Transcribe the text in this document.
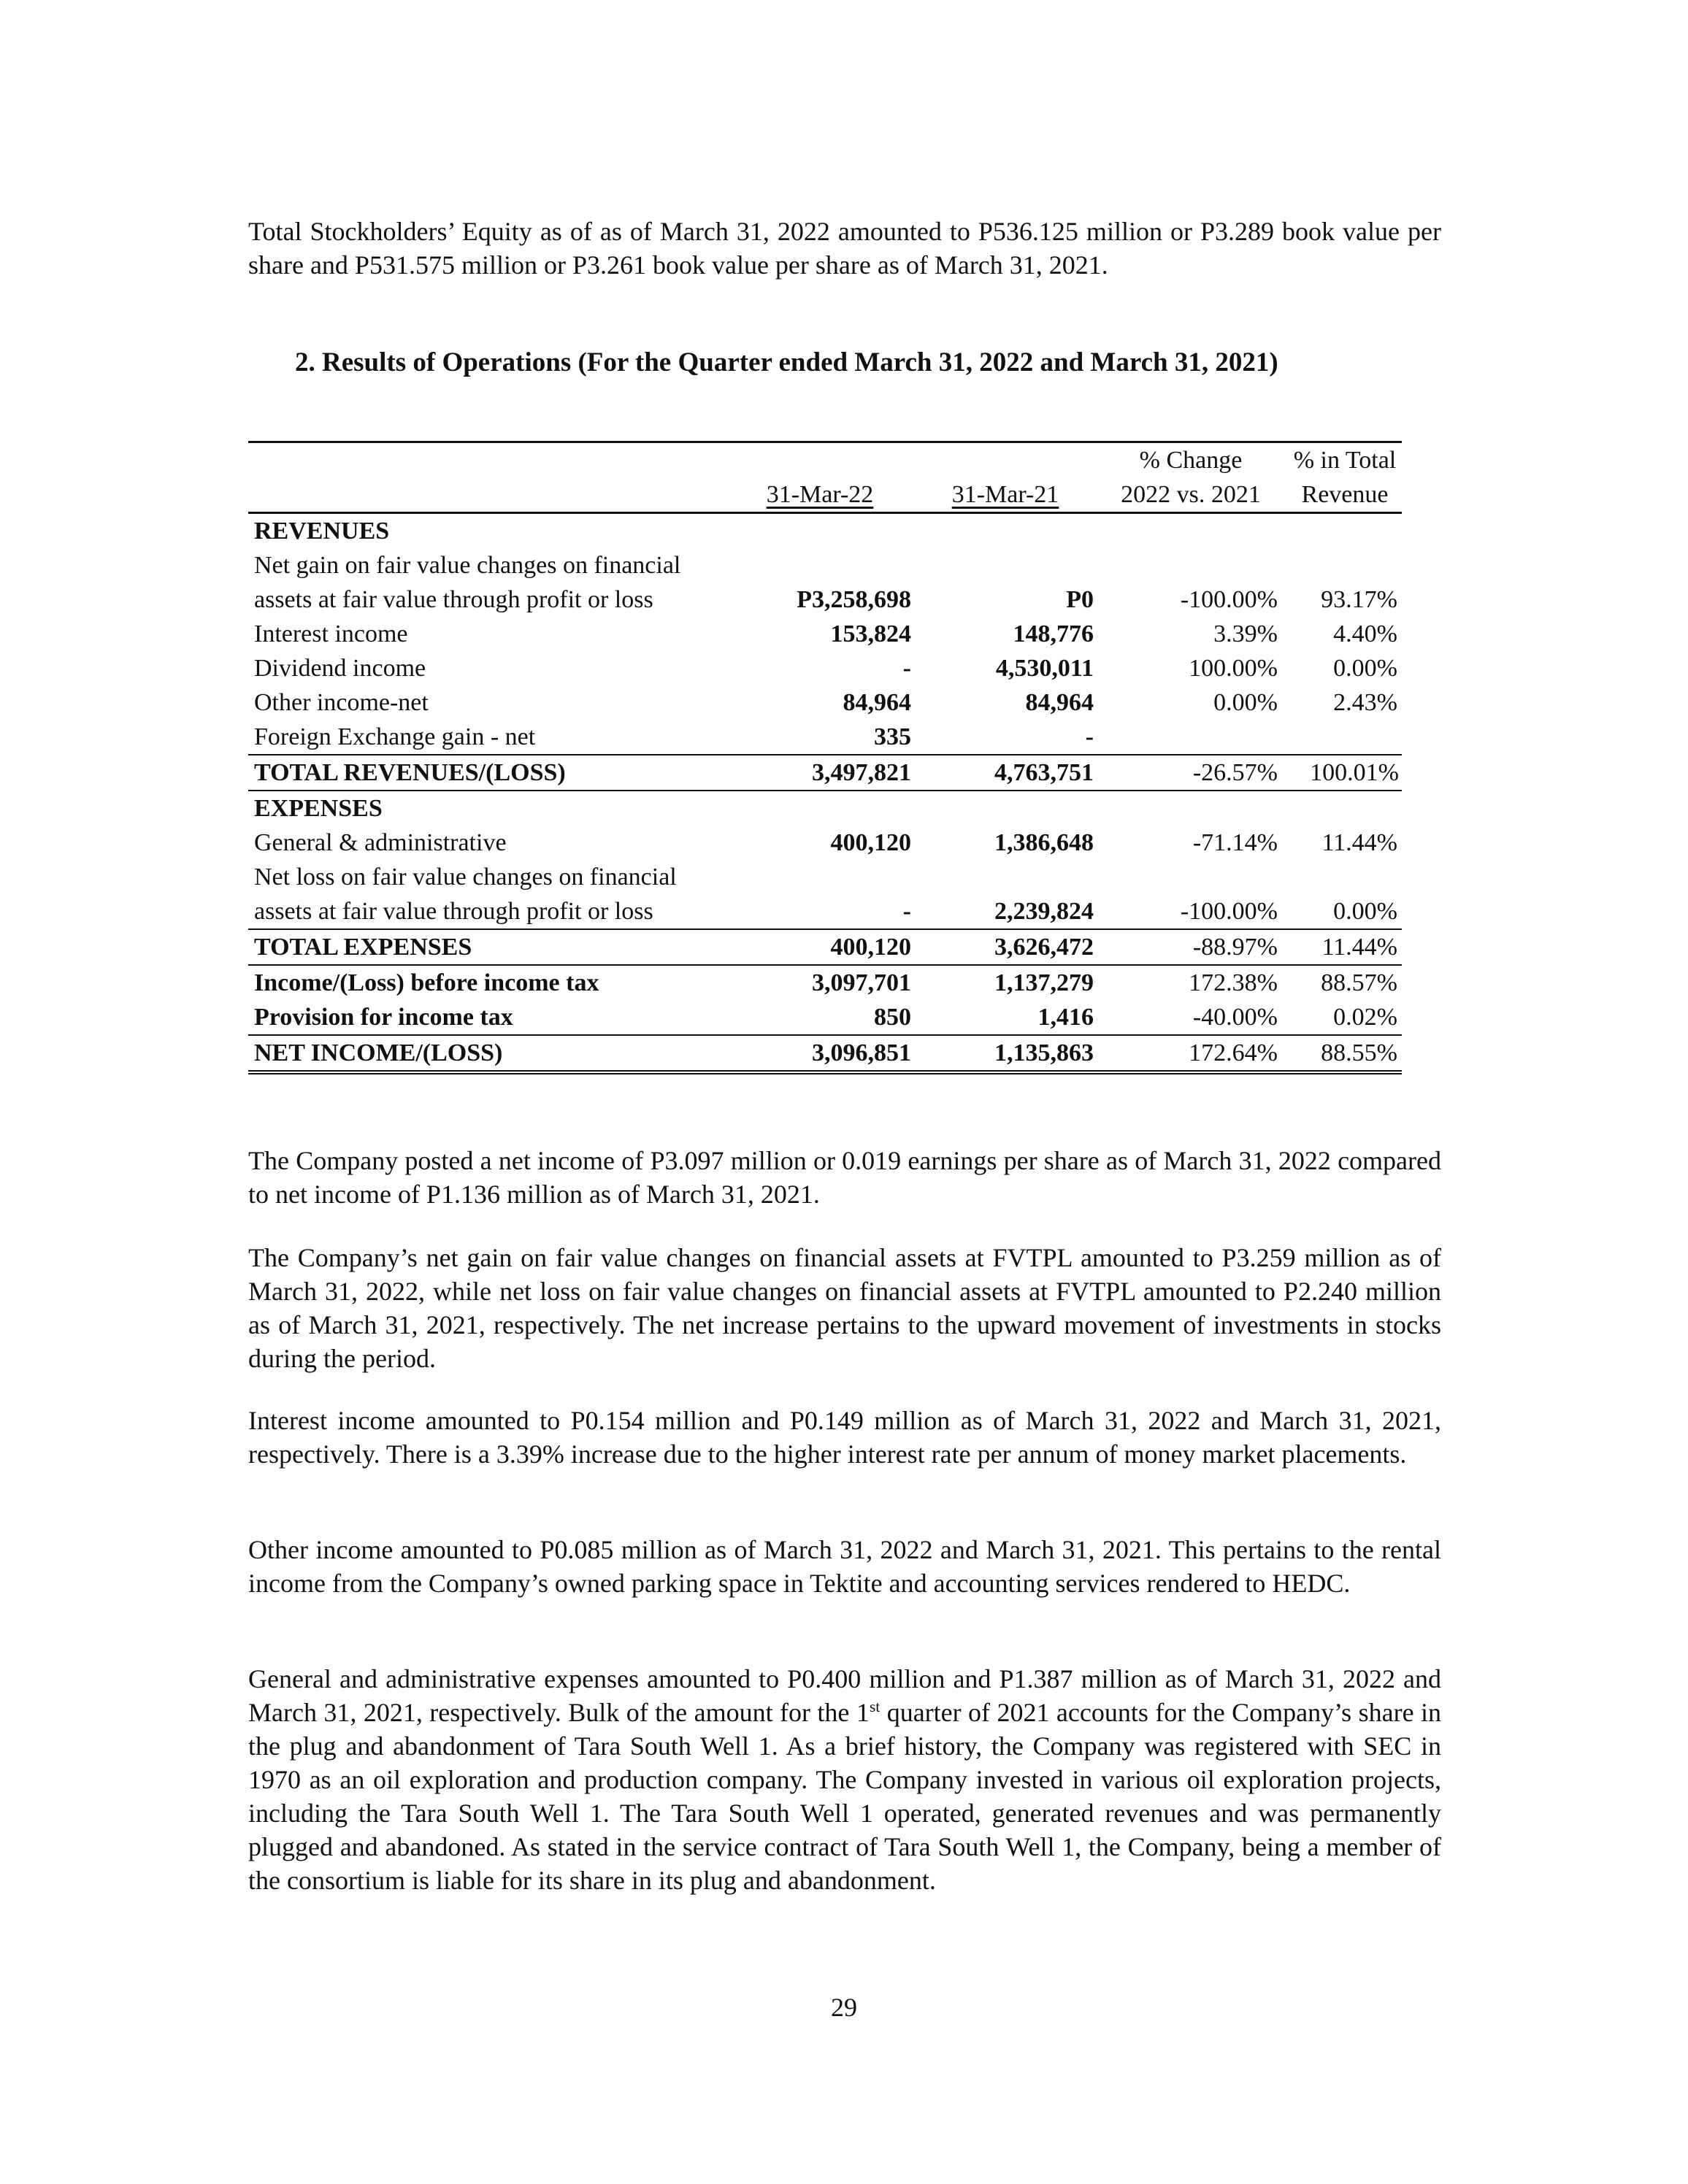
Total Stockholders’ Equity as of as of March 31, 2022 amounted to P536.125 million or P3.289 book value per share and P531.575 million or P3.261 book value per share as of March 31, 2021.

2. Results of Operations (For the Quarter ended March 31, 2022 and March 31, 2021)
			% Change	% in Total
	31-Mar-22	31-Mar-21	2022 vs. 2021	Revenue
REVENUES				
Net gain on fair value changes on financial				
assets at fair value through profit or loss	P3,258,698	P0	-100.00%	93.17%
Interest income	153,824	148,776	3.39%	4.40%
Dividend income	-	4,530,011	100.00%	0.00%
Other income-net	84,964	84,964	0.00%	2.43%
Foreign Exchange gain - net	335	-		
TOTAL REVENUES/(LOSS)	3,497,821	4,763,751	-26.57%	100.01%
EXPENSES				
General & administrative	400,120	1,386,648	-71.14%	11.44%
Net loss on fair value changes on financial				
assets at fair value through profit or loss	-	2,239,824	-100.00%	0.00%
TOTAL EXPENSES	400,120	3,626,472	-88.97%	11.44%
Income/(Loss) before income tax	3,097,701	1,137,279	172.38%	88.57%
Provision for income tax	850	1,416	-40.00%	0.02%
NET INCOME/(LOSS)	3,096,851	1,135,863	172.64%	88.55%

The Company posted a net income of P3.097 million or 0.019 earnings per share as of March 31, 2022 compared to net income of P1.136 million as of March 31, 2021.

The Company’s net gain on fair value changes on financial assets at FVTPL amounted to P3.259 million as of March 31, 2022, while net loss on fair value changes on financial assets at FVTPL amounted to P2.240 million as of March 31, 2021, respectively. The net increase pertains to the upward movement of investments in stocks during the period.

Interest income amounted to P0.154 million and P0.149 million as of March 31, 2022 and March 31, 2021, respectively. There is a 3.39% increase due to the higher interest rate per annum of money market placements.

Other income amounted to P0.085 million as of March 31, 2022 and March 31, 2021. This pertains to the rental income from the Company’s owned parking space in Tektite and accounting services rendered to HEDC.

General and administrative expenses amounted to P0.400 million and P1.387 million as of March 31, 2022 and March 31, 2021, respectively. Bulk of the amount for the 1st quarter of 2021 accounts for the Company’s share in the plug and abandonment of Tara South Well 1. As a brief history, the Company was registered with SEC in 1970 as an oil exploration and production company. The Company invested in various oil exploration projects, including the Tara South Well 1. The Tara South Well 1 operated, generated revenues and was permanently plugged and abandoned. As stated in the service contract of Tara South Well 1, the Company, being a member of the consortium is liable for its share in its plug and abandonment.

29
